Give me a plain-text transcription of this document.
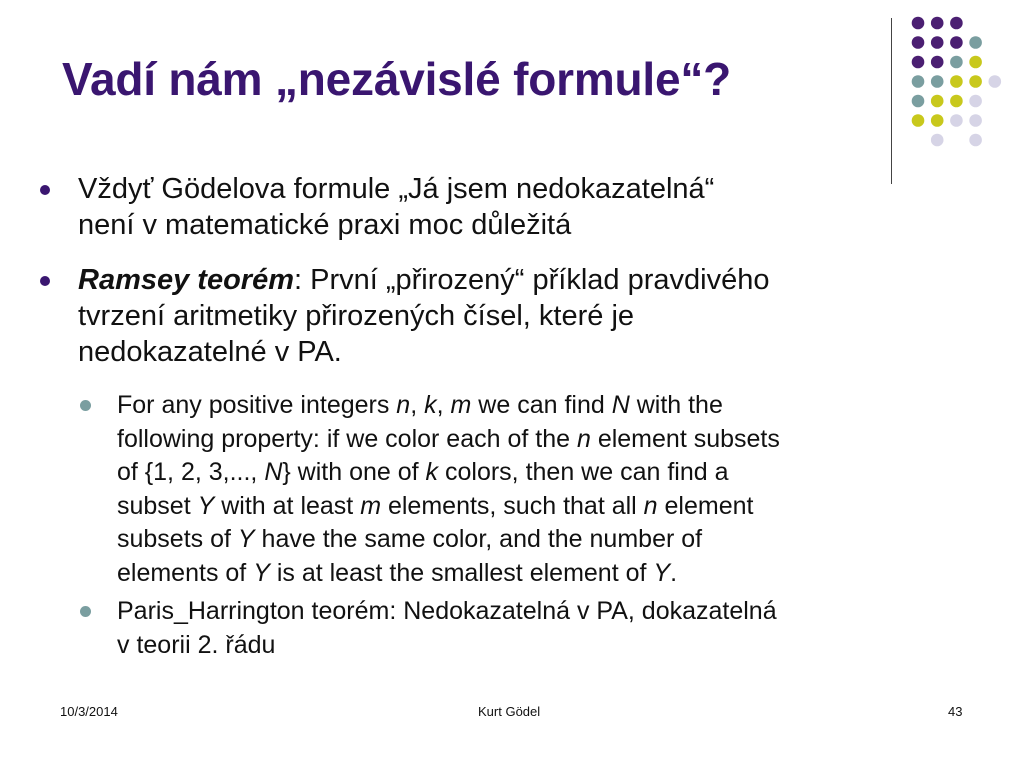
Vadí nám „nezávislé formule“?
Vždyť Gödelova formule „Já jsem nedokazatelná“
není v matematické praxi moc důležitá
Ramsey teorém: První „přirozený“ příklad pravdivého
tvrzení aritmetiky přirozených čísel, které je
nedokazatelné v PA.
For any positive integers n, k, m we can find N with the
following property: if we color each of the n element subsets
of {1, 2, 3,..., N} with one of k colors, then we can find a
subset Y with at least m elements, such that all n element
subsets of Y have the same color, and the number of
elements of Y is at least the smallest element of Y.
Paris_Harrington teorém: Nedokazatelná v PA, dokazatelná
v teorii 2. řádu
10/3/2014	Kurt Gödel	43
